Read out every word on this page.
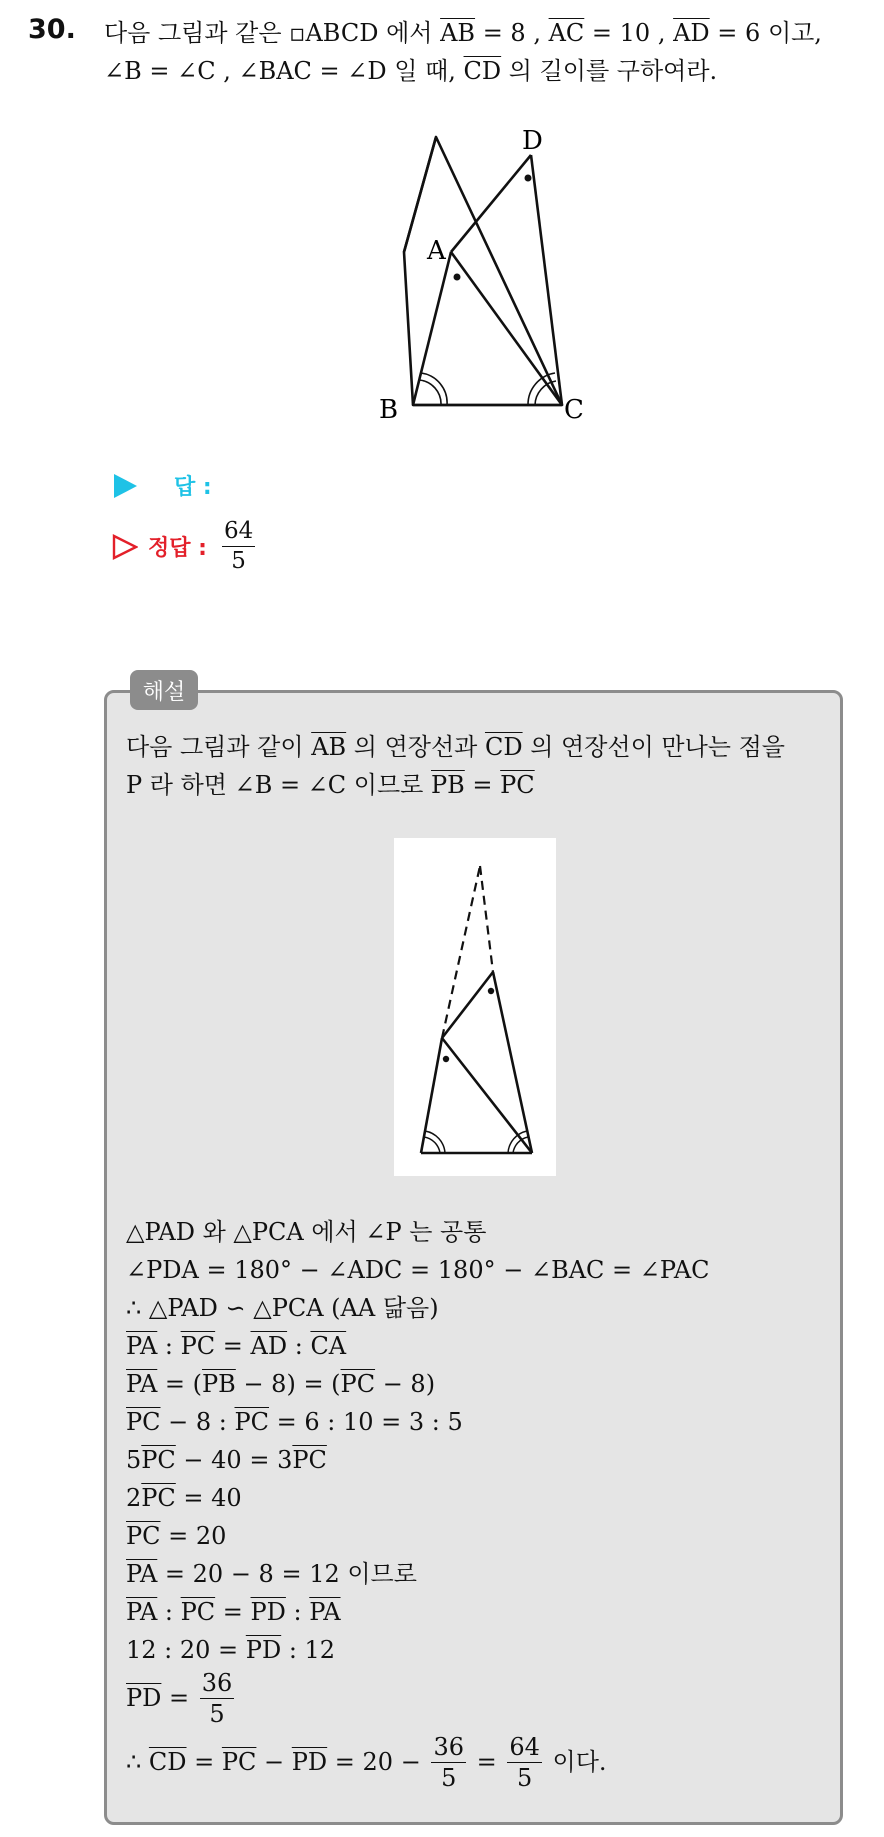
30. 다음 그림과 같은 ▫ABCD 에서 $\overline{AB} = 8$ , $\overline{AC} = 10$ , $\overline{AD} = 6$ 이고,
∠B = ∠C , ∠BAC = ∠D 일 때, $\overline{CD}$ 의 길이를 구하여라.
D
A
B	C
답 :
정답 : $\frac{64}{5}$
해설
다음 그림과 같이 $\overline{AB}$ 의 연장선과 $\overline{CD}$ 의 연장선이 만나는 점을
P 라 하면 ∠B = ∠C 이므로 $\overline{PB} = \overline{PC}$
△PAD 와 △PCA 에서 ∠P 는 공통
∠PDA = 180° − ∠ADC = 180° − ∠BAC = ∠PAC
∴ △PAD ∽ △PCA (AA 닮음)
$\overline{PA}$ : $\overline{PC} = \overline{AD}$ : $\overline{CA}$
$\overline{PA} = (\overline{PB} - 8) = (\overline{PC} - 8)$
$\overline{PC} - 8$ : $\overline{PC} = 6$ : 10 = 3 : 5
$5\overline{PC} - 40 = 3\overline{PC}$
$2\overline{PC} = 40$
$\overline{PC} = 20$
$\overline{PA} = 20 - 8 = 12$ 이므로
$\overline{PA}$ : $\overline{PC} = \overline{PD}$ : $\overline{PA}$
12 : $20 = \overline{PD}$ : 12
$\overline{PD} = \frac{36}{5}$
∴ $\overline{CD} = \overline{PC} - \overline{PD} = 20 - \frac{36}{5} = \frac{64}{5}$ 이다.
